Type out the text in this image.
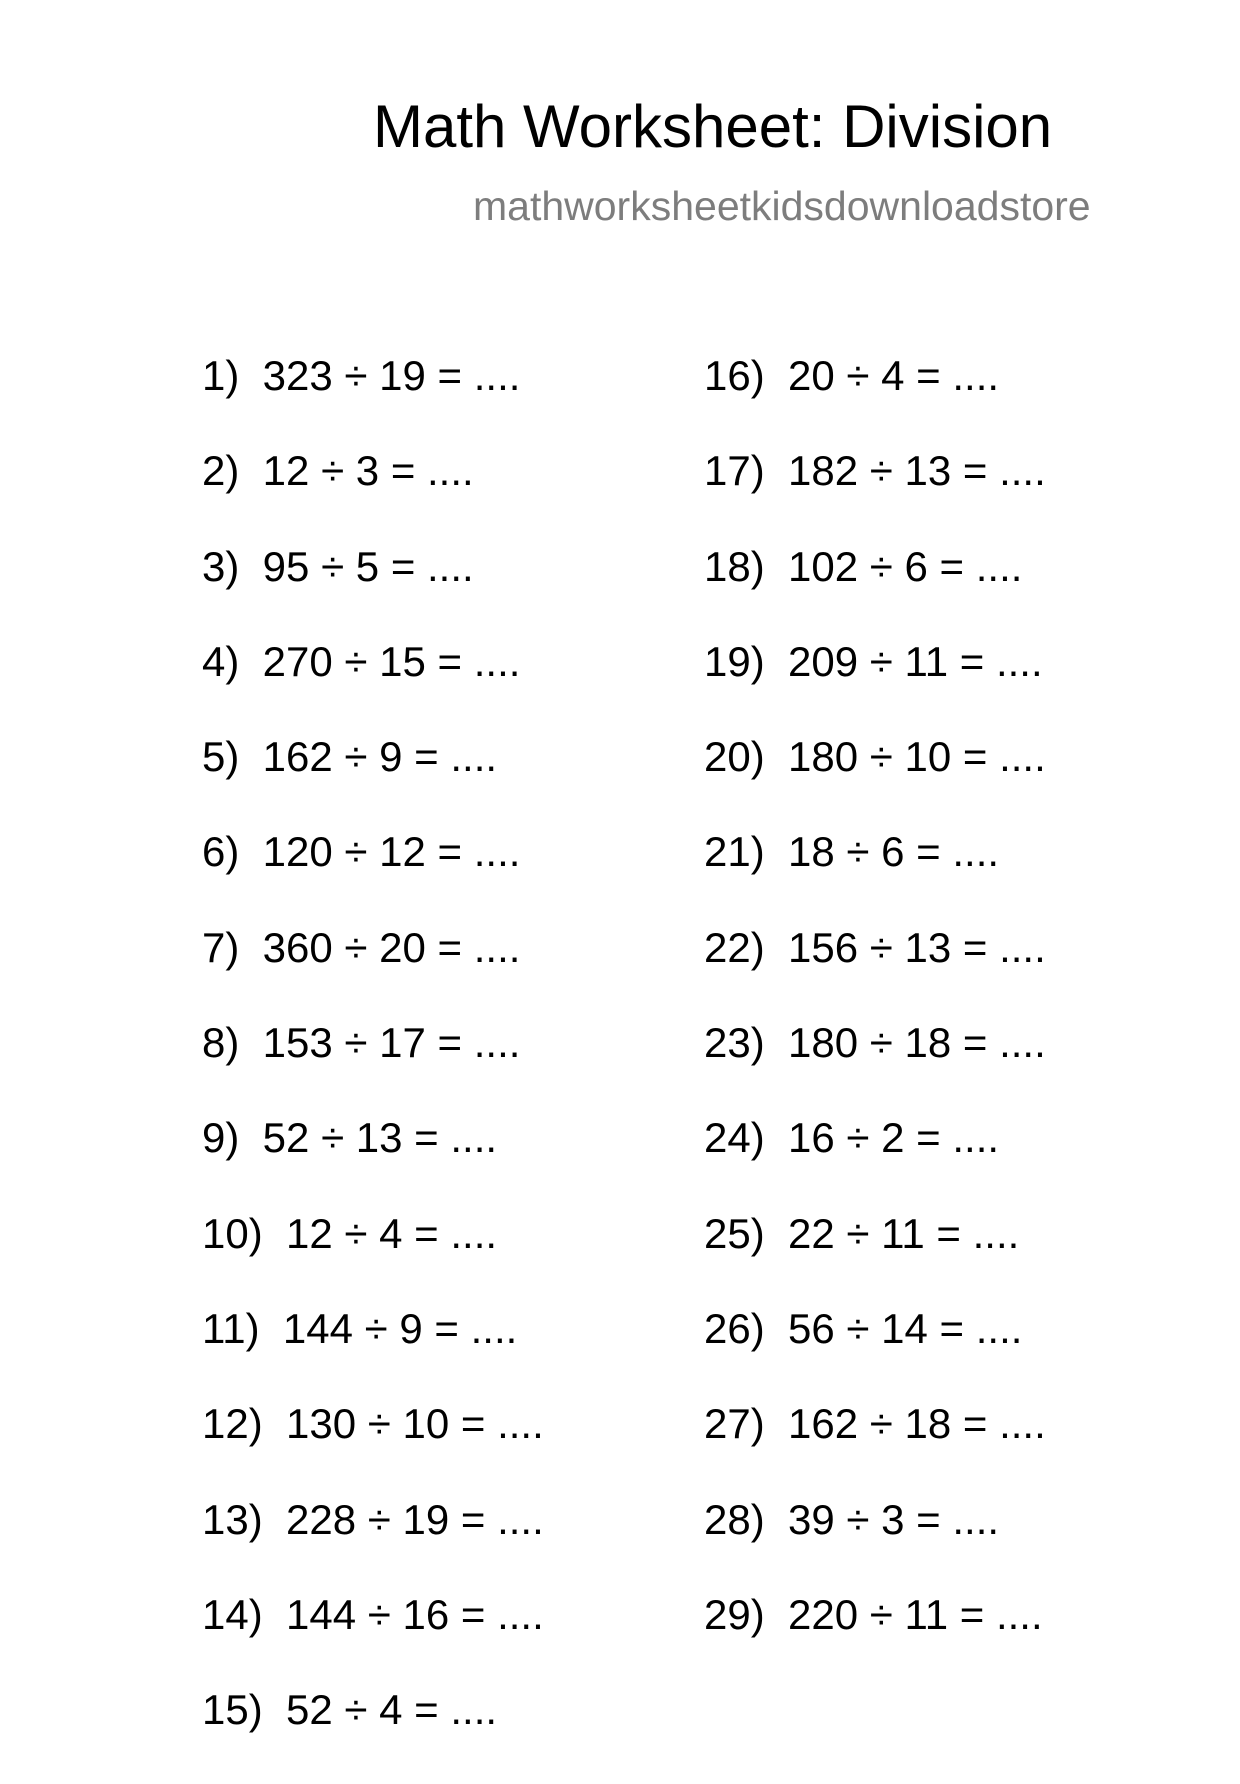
Math Worksheet: Division
mathworksheetkidsdownloadstore
1)  323 ÷ 19 = ....
2)  12 ÷ 3 = ....
3)  95 ÷ 5 = ....
4)  270 ÷ 15 = ....
5)  162 ÷ 9 = ....
6)  120 ÷ 12 = ....
7)  360 ÷ 20 = ....
8)  153 ÷ 17 = ....
9)  52 ÷ 13 = ....
10)  12 ÷ 4 = ....
11)  144 ÷ 9 = ....
12)  130 ÷ 10 = ....
13)  228 ÷ 19 = ....
14)  144 ÷ 16 = ....
15)  52 ÷ 4 = ....
16)  20 ÷ 4 = ....
17)  182 ÷ 13 = ....
18)  102 ÷ 6 = ....
19)  209 ÷ 11 = ....
20)  180 ÷ 10 = ....
21)  18 ÷ 6 = ....
22)  156 ÷ 13 = ....
23)  180 ÷ 18 = ....
24)  16 ÷ 2 = ....
25)  22 ÷ 11 = ....
26)  56 ÷ 14 = ....
27)  162 ÷ 18 = ....
28)  39 ÷ 3 = ....
29)  220 ÷ 11 = ....
